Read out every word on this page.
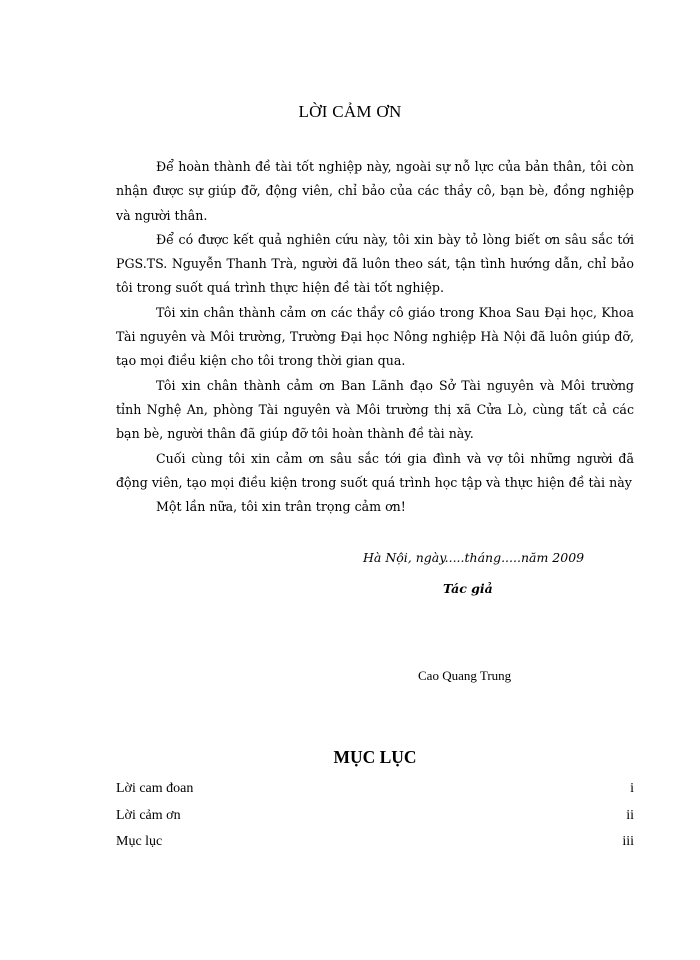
LỜI CẢM ƠN

Để hoàn thành đề tài tốt nghiệp này, ngoài sự nỗ lực của bản thân, tôi còn nhận được sự giúp đỡ, động viên, chỉ bảo của các thầy cô, bạn bè, đồng nghiệp và người thân.

Để có được kết quả nghiên cứu này, tôi xin bày tỏ lòng biết ơn sâu sắc tới PGS.TS. Nguyễn Thanh Trà, người đã luôn theo sát, tận tình hướng dẫn, chỉ bảo tôi trong suốt quá trình thực hiện đề tài tốt nghiệp.

Tôi xin chân thành cảm ơn các thầy cô giáo trong Khoa Sau Đại học, Khoa Tài nguyên và Môi trường, Trường Đại học Nông nghiệp Hà Nội đã luôn giúp đỡ, tạo mọi điều kiện cho tôi trong thời gian qua.

Tôi xin chân thành cảm ơn Ban Lãnh đạo Sở Tài nguyên và Môi trường tỉnh Nghệ An, phòng Tài nguyên và Môi trường thị xã Cửa Lò, cùng tất cả các bạn bè, người thân đã giúp đỡ tôi hoàn thành đề tài này.

Cuối cùng tôi xin cảm ơn sâu sắc tới gia đình và vợ tôi những người đã động viên, tạo mọi điều kiện trong suốt quá trình học tập và thực hiện đề tài này

Một lần nữa, tôi xin trân trọng cảm ơn!

Hà Nội, ngày.....tháng.....năm 2009
Tác giả
Cao Quang Trung
MỤC LỤC
Lời cam đoan	i
Lời cảm ơn	ii
Mục lục	iii
